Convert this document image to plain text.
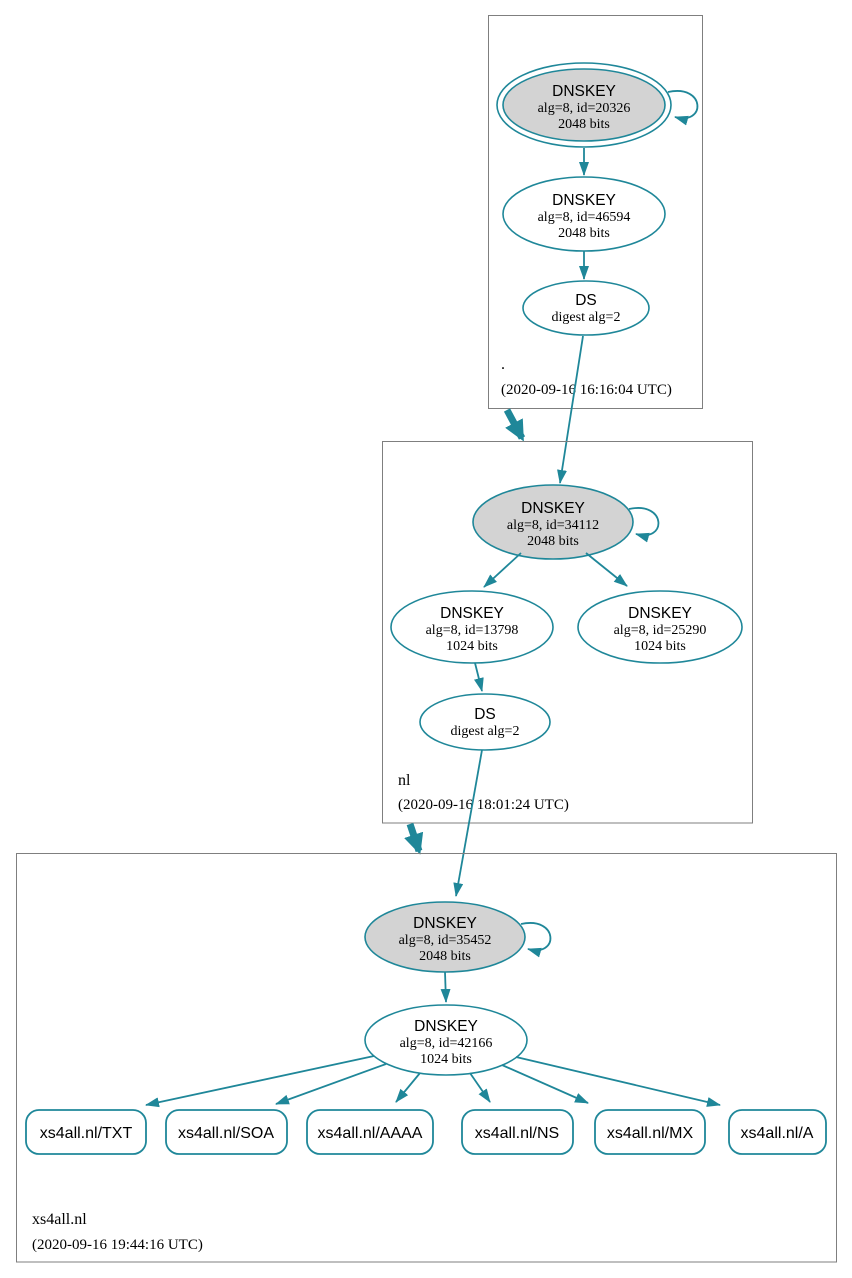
DNSKEY
alg=8, id=20326
2048 bits
DNSKEY
alg=8, id=46594
2048 bits
DS
digest alg=2
.
(2020-09-16 16:16:04 UTC)
DNSKEY
alg=8, id=34112
2048 bits
DNSKEY
alg=8, id=13798
1024 bits
DNSKEY
alg=8, id=25290
1024 bits
DS
digest alg=2
nl
(2020-09-16 18:01:24 UTC)
DNSKEY
alg=8, id=35452
2048 bits
DNSKEY
alg=8, id=42166
1024 bits
xs4all.nl/TXT	xs4all.nl/SOA	xs4all.nl/AAAA	xs4all.nl/NS	xs4all.nl/MX	xs4all.nl/A
xs4all.nl
(2020-09-16 19:44:16 UTC)
